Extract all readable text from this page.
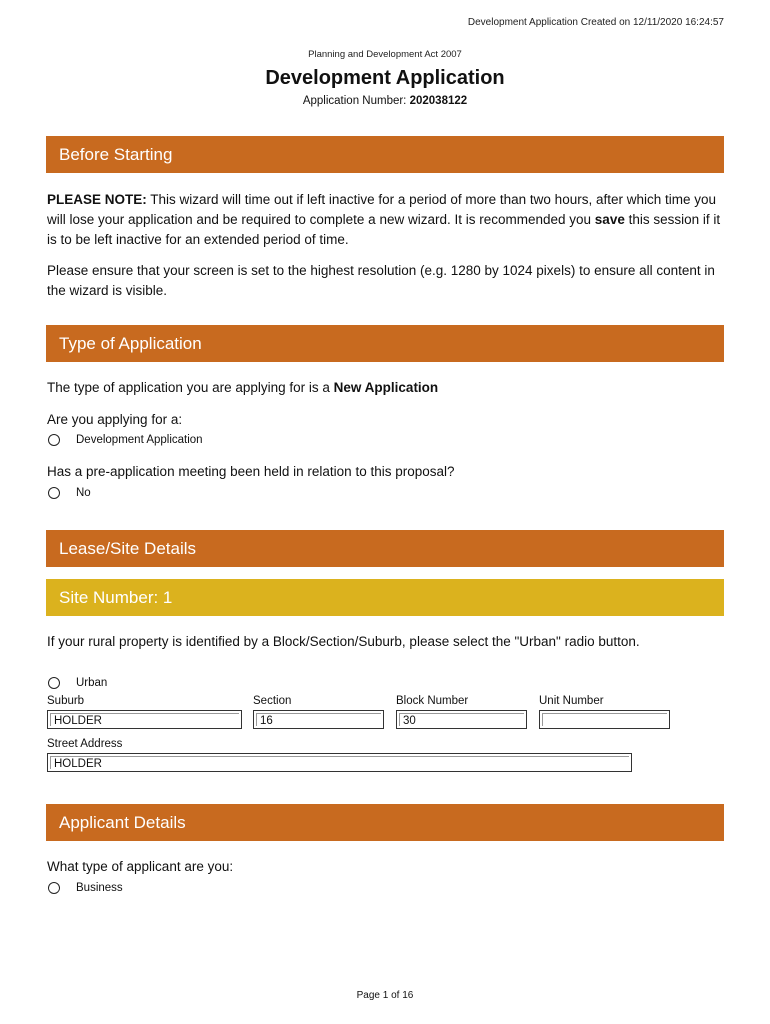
Development Application Created on 12/11/2020 16:24:57
Planning and Development Act 2007
Development Application
Application Number: 202038122
Before Starting
PLEASE NOTE: This wizard will time out if left inactive for a period of more than two hours, after which time you will lose your application and be required to complete a new wizard. It is recommended you save this session if it is to be left inactive for an extended period of time.
Please ensure that your screen is set to the highest resolution (e.g. 1280 by 1024 pixels) to ensure all content in the wizard is visible.
Type of Application
The type of application you are applying for is a New Application
Are you applying for a:
Development Application
Has a pre-application meeting been held in relation to this proposal?
No
Lease/Site Details
Site Number: 1
If your rural property is identified by a Block/Section/Suburb, please select the "Urban" radio button.
Urban
Suburb
HOLDER
Section
16
Block Number
30
Unit Number
Street Address
HOLDER
Applicant Details
What type of applicant are you:
Business
Page 1 of 16
